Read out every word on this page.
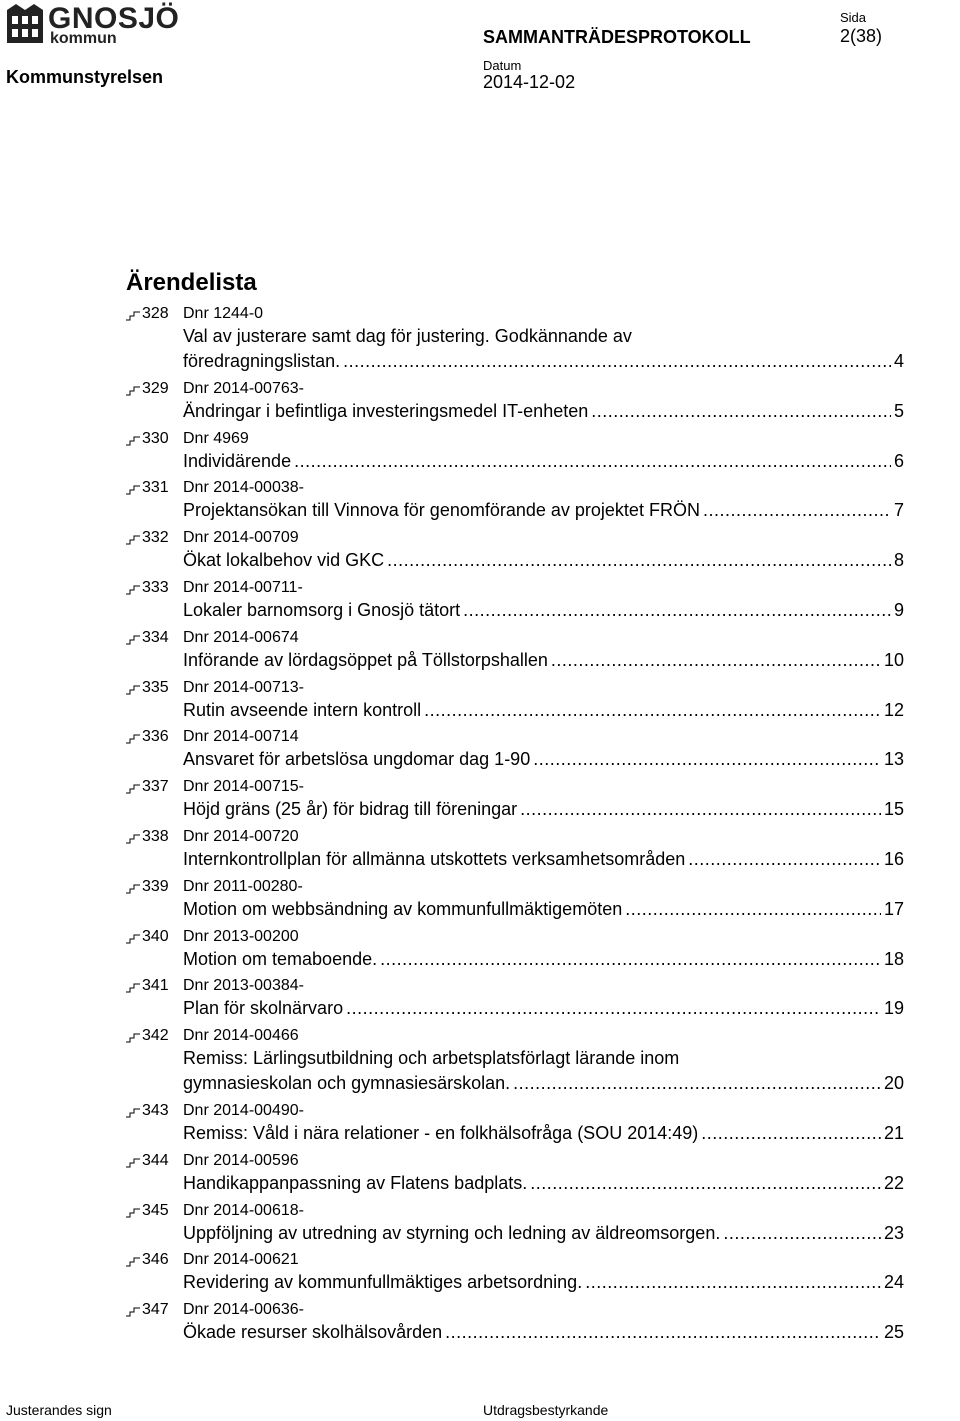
GNOSJÖ
kommun	SAMMANTRÄDESPROTOKOLL
Sida
2(38)
Kommunstyrelsen
Datum
2014-12-02
Ärendelista
328 Dnr 1244-0
Val av justerare samt dag för justering. Godkännande av
föredragningslistan. .....	4
329 Dnr 2014-00763-
Ändringar i befintliga investeringsmedel IT-enheten .....	5
330 Dnr 4969
Individärende .....	6
331 Dnr 2014-00038-
Projektansökan till Vinnova för genomförande av projektet FRÖN .....	7
332 Dnr 2014-00709
Ökat lokalbehov vid GKC .....	8
333 Dnr 2014-00711-
Lokaler barnomsorg i Gnosjö tätort .....	9
334 Dnr 2014-00674
Införande av lördagsöppet på Töllstorpshallen .....	10
335 Dnr 2014-00713-
Rutin avseende intern kontroll .....	12
336 Dnr 2014-00714
Ansvaret för arbetslösa ungdomar dag 1-90 .....	13
337 Dnr 2014-00715-
Höjd gräns (25 år) för bidrag till föreningar .....	15
338 Dnr 2014-00720
Internkontrollplan för allmänna utskottets verksamhetsområden .....	16
339 Dnr 2011-00280-
Motion om webbsändning av kommunfullmäktigemöten .....	17
340 Dnr 2013-00200
Motion om temaboende. .....	18
341 Dnr 2013-00384-
Plan för skolnärvaro .....	19
342 Dnr 2014-00466
Remiss: Lärlingsutbildning och arbetsplatsförlagt lärande inom
gymnasieskolan och gymnasiesärskolan. .....	20
343 Dnr 2014-00490-
Remiss: Våld i nära relationer - en folkhälsofråga (SOU 2014:49) .....	21
344 Dnr 2014-00596
Handikappanpassning av Flatens badplats. .....	22
345 Dnr 2014-00618-
Uppföljning av utredning av styrning och ledning av äldreomsorgen. .....	23
346 Dnr 2014-00621
Revidering av kommunfullmäktiges arbetsordning. .....	24
347 Dnr 2014-00636-
Ökade resurser skolhälsovården .....	25
Justerandes sign	Utdragsbestyrkande
